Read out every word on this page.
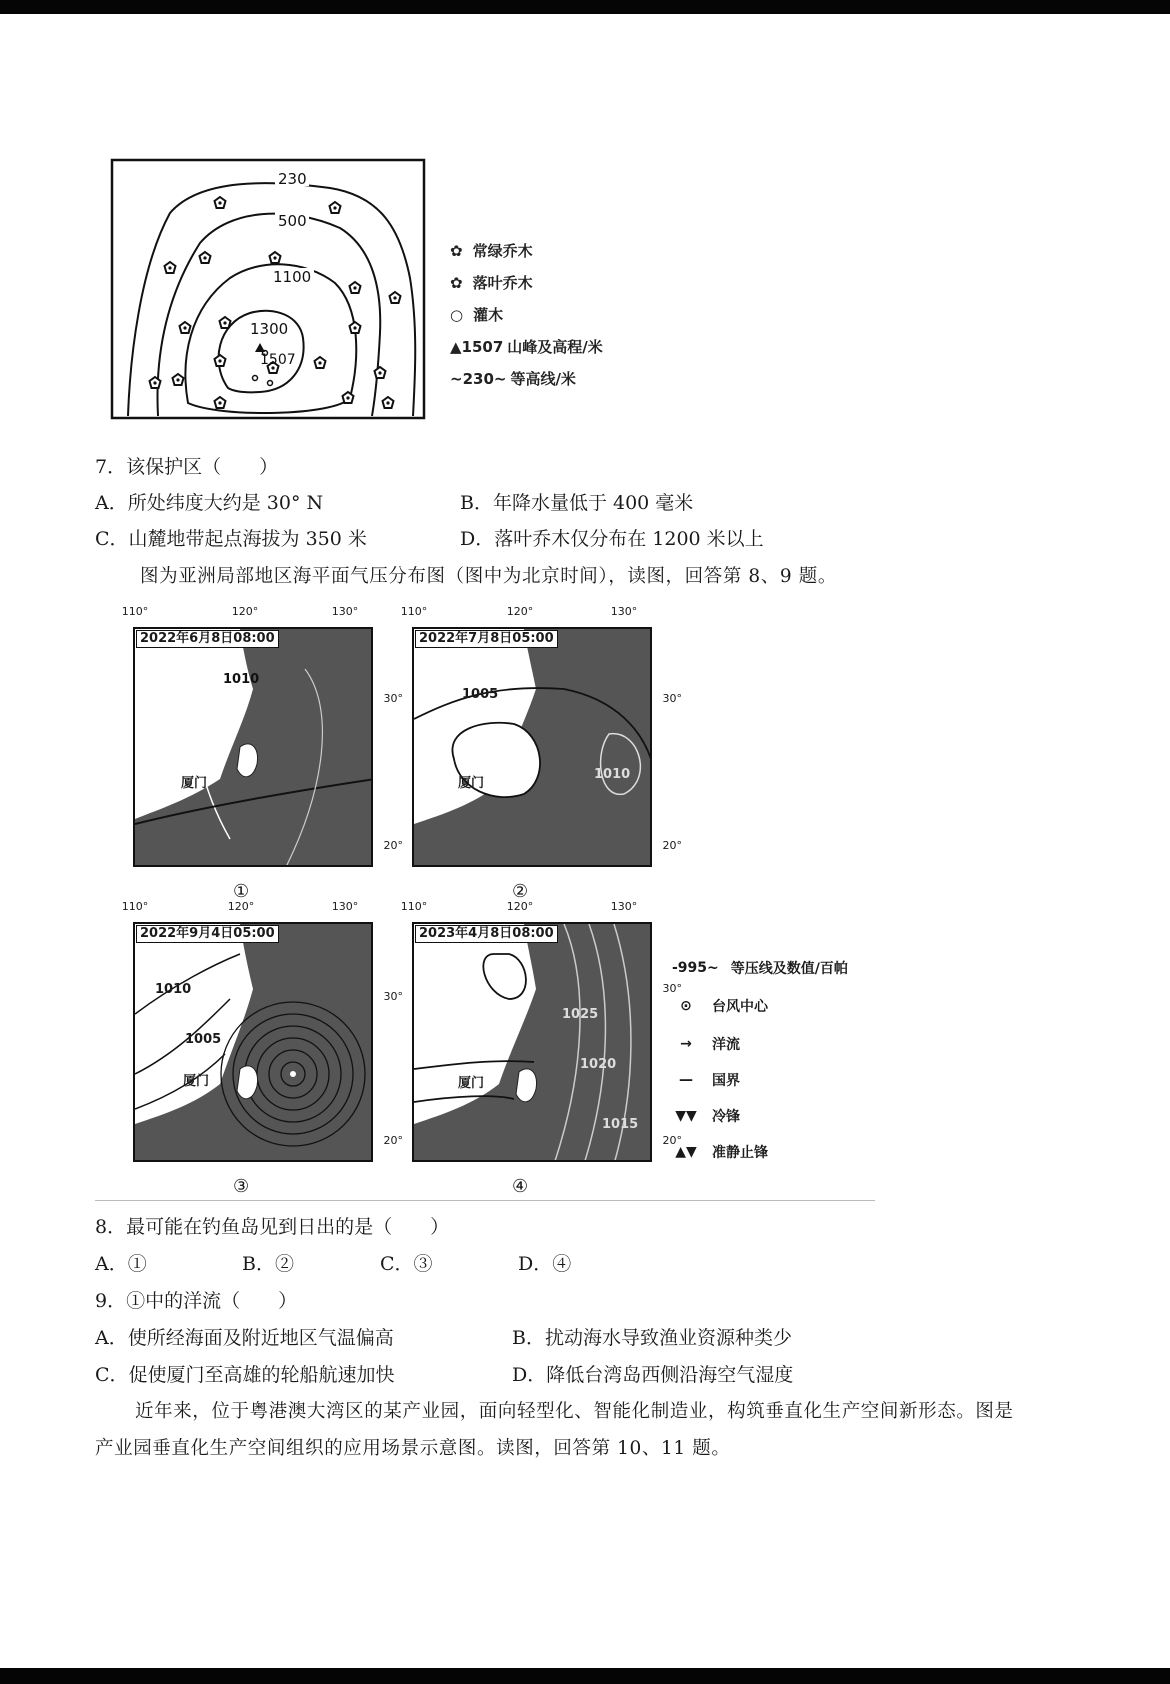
230
500
1100
1300
1507
✿ 常绿乔木
✿ 落叶乔木
○ 灌木
▲1507 山峰及高程/米
~230~ 等高线/米
7．该保护区（　　）
A．所处纬度大约是 30° N	B．年降水量低于 400 毫米
C．山麓地带起点海拔为 350 米	D．落叶乔木仅分布在 1200 米以上
图为亚洲局部地区海平面气压分布图（图中为北京时间），读图，回答第 8、9 题。
110°	120°	130°
2022年6月8日08:00
1010
厦门
30°
20°
①
110°	120°	130°
2022年7月8日05:00
1005
1010
厦门
30°
20°
②
110°	120°	130°
2022年9月4日05:00
1010
1005
厦门
30°
20°
③
110°	120°	130°
2023年4月8日08:00
1025
1020
1015
厦门
30°
20°
④
-995~ 等压线及数值/百帕
⊙	台风中心
→	洋流
—	国界
▼▼ 冷锋
▲▼ 准静止锋
8．最可能在钓鱼岛见到日出的是（　　）
A．①	B．②	C．③	D．④
9．①中的洋流（　　）
A．使所经海面及附近地区气温偏高	B．扰动海水导致渔业资源种类少
C．促使厦门至高雄的轮船航速加快	D．降低台湾岛西侧沿海空气湿度
近年来，位于粤港澳大湾区的某产业园，面向轻型化、智能化制造业，构筑垂直化生产空间新形态。图是
产业园垂直化生产空间组织的应用场景示意图。读图，回答第 10、11 题。
